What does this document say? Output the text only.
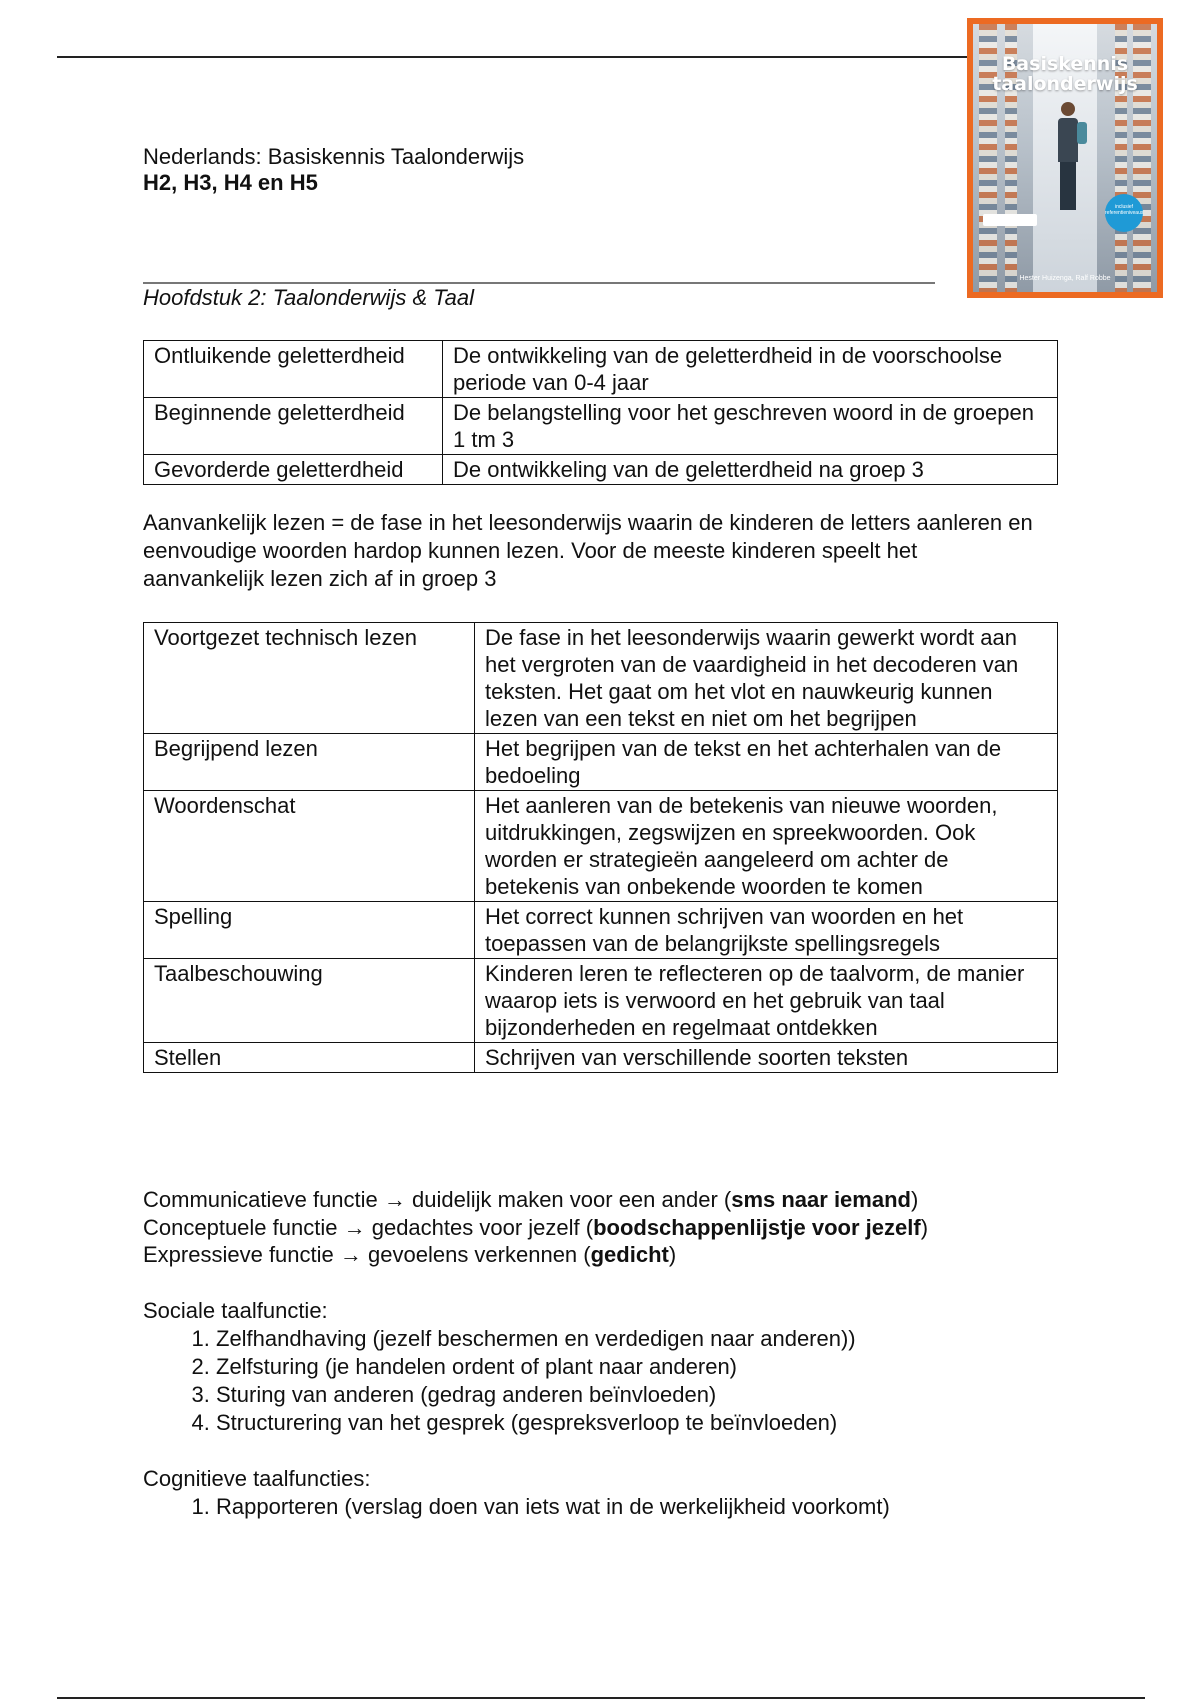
Basiskennis
taalonderwijs
inclusief referentieniveaus
Hester Huizenga, Ralf Robbe
Nederlands: Basiskennis Taalonderwijs
H2, H3, H4 en H5
Hoofdstuk 2: Taalonderwijs & Taal
Ontluikende geletterdheid	De ontwikkeling van de geletterdheid in de voorschoolse periode van 0-4 jaar
Beginnende geletterdheid	De belangstelling voor het geschreven woord in de groepen 1 tm 3
Gevorderde geletterdheid	De ontwikkeling van de geletterdheid na groep 3
Aanvankelijk lezen = de fase in het leesonderwijs waarin de kinderen de letters aanleren en eenvoudige woorden hardop kunnen lezen. Voor de meeste kinderen speelt het aanvankelijk lezen zich af in groep 3
Voortgezet technisch lezen	De fase in het leesonderwijs waarin gewerkt wordt aan het vergroten van de vaardigheid in het decoderen van teksten. Het gaat om het vlot en nauwkeurig kunnen lezen van een tekst en niet om het begrijpen
Begrijpend lezen	Het begrijpen van de tekst en het achterhalen van de bedoeling
Woordenschat	Het aanleren van de betekenis van nieuwe woorden, uitdrukkingen, zegswijzen en spreekwoorden. Ook worden er strategieën aangeleerd om achter de betekenis van onbekende woorden te komen
Spelling	Het correct kunnen schrijven van woorden en het toepassen van de belangrijkste spellingsregels
Taalbeschouwing	Kinderen leren te reflecteren op de taalvorm, de manier waarop iets is verwoord en het gebruik van taal bijzonderheden en regelmaat ontdekken
Stellen	Schrijven van verschillende soorten teksten
Communicatieve functie → duidelijk maken voor een ander (sms naar iemand)
Conceptuele functie → gedachtes voor jezelf (boodschappenlijstje voor jezelf)
Expressieve functie → gevoelens verkennen (gedicht)
Sociale taalfunctie:
1. Zelfhandhaving (jezelf beschermen en verdedigen naar anderen))
2. Zelfsturing (je handelen ordent of plant naar anderen)
3. Sturing van anderen (gedrag anderen beïnvloeden)
4. Structurering van het gesprek (gespreksverloop te beïnvloeden)
Cognitieve taalfuncties:
1. Rapporteren (verslag doen van iets wat in de werkelijkheid voorkomt)
